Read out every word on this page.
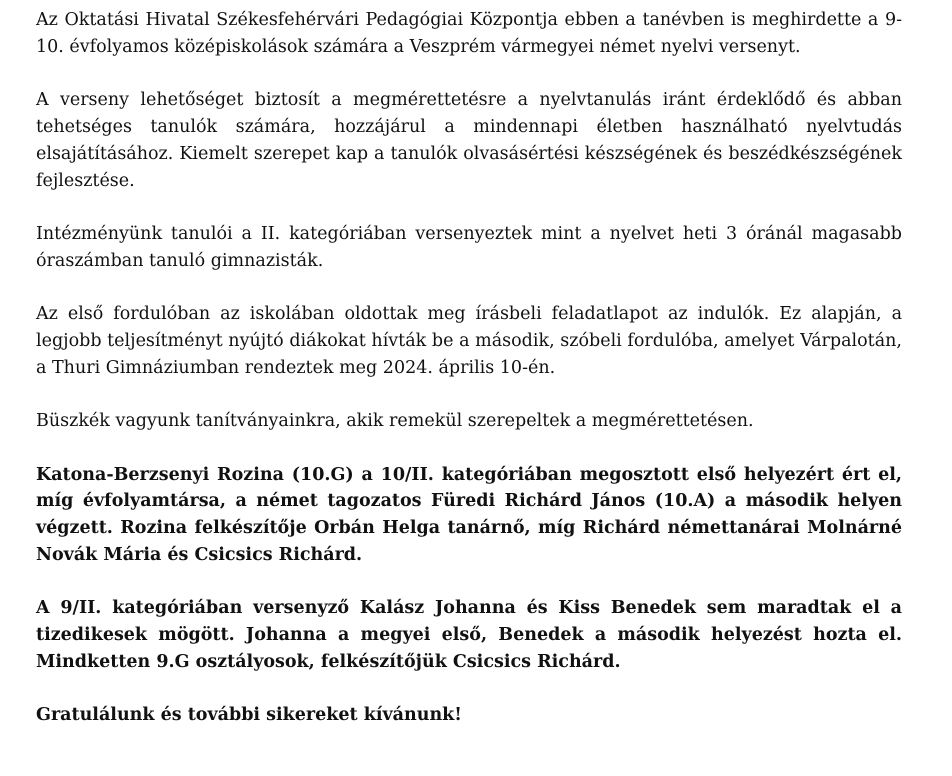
Az Oktatási Hivatal Székesfehérvári Pedagógiai Központja ebben a tanévben is meghirdette a 9-10. évfolyamos középiskolások számára a Veszprém vármegyei német nyelvi versenyt.

A verseny lehetőséget biztosít a megmérettetésre a nyelvtanulás iránt érdeklődő és abban tehetséges tanulók számára, hozzájárul a mindennapi életben használható nyelvtudás elsajátításához. Kiemelt szerepet kap a tanulók olvasásértési készségének és beszédkészségének fejlesztése.

Intézményünk tanulói a II. kategóriában versenyeztek mint a nyelvet heti 3 óránál magasabb óraszámban tanuló gimnazisták.

Az első fordulóban az iskolában oldottak meg írásbeli feladatlapot az indulók. Ez alapján, a legjobb teljesítményt nyújtó diákokat hívták be a második, szóbeli fordulóba, amelyet Várpalotán, a Thuri Gimnáziumban rendeztek meg 2024. április 10-én.

Büszkék vagyunk tanítványainkra, akik remekül szerepeltek a megmérettetésen.

Katona-Berzsenyi Rozina (10.G) a 10/II. kategóriában megosztott első helyezért ért el, míg évfolyamtársa, a német tagozatos Füredi Richárd János (10.A) a második helyen végzett. Rozina felkészítője Orbán Helga tanárnő, míg Richárd némettanárai Molnárné Novák Mária és Csicsics Richárd.

A 9/II. kategóriában versenyző Kalász Johanna és Kiss Benedek sem maradtak el a tizedikesek mögött. Johanna a megyei első, Benedek a második helyezést hozta el. Mindketten 9.G osztályosok, felkészítőjük Csicsics Richárd.

Gratulálunk és további sikereket kívánunk!
